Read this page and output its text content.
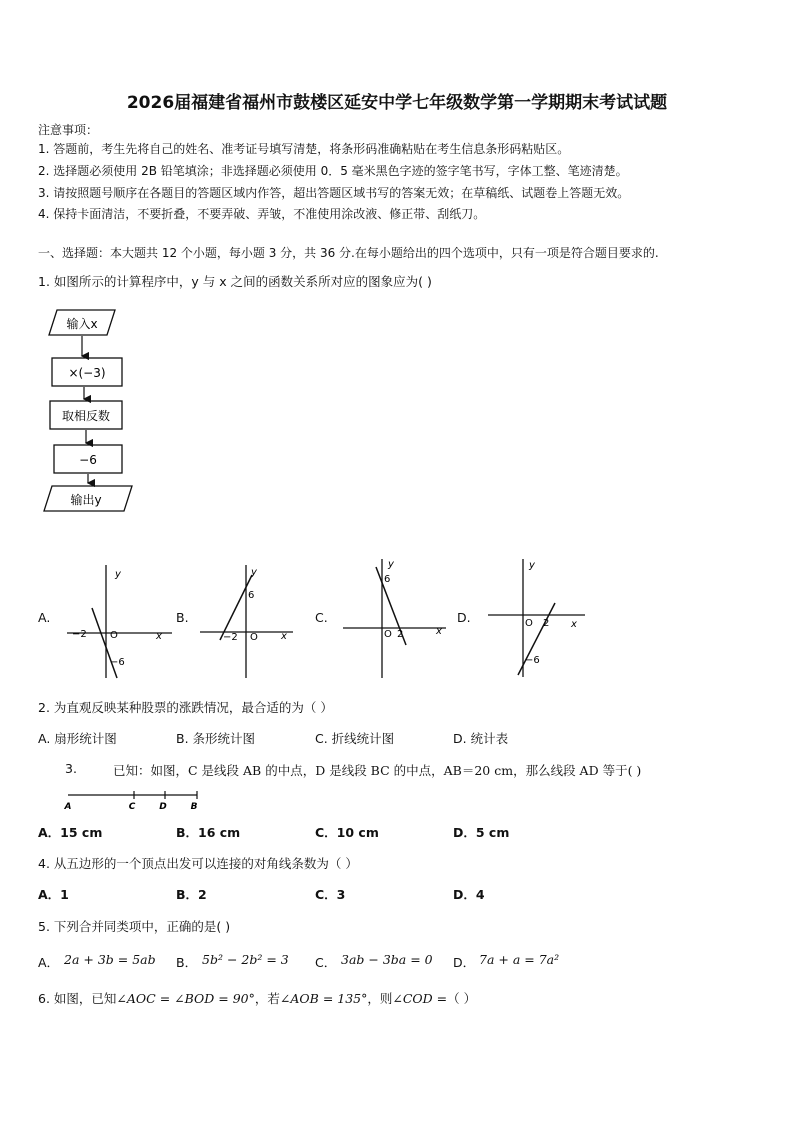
2026届福建省福州市鼓楼区延安中学七年级数学第一学期期末考试试题
注意事项：
1. 答题前，考生先将自己的姓名、准考证号填写清楚，将条形码准确粘贴在考生信息条形码粘贴区。
2. 选择题必须使用 2B 铅笔填涂；非选择题必须使用 0．5 毫米黑色字迹的签字笔书写，字体工整、笔迹清楚。
3. 请按照题号顺序在各题目的答题区域内作答，超出答题区域书写的答案无效；在草稿纸、试题卷上答题无效。
4. 保持卡面清洁，不要折叠，不要弄破、弄皱，不准使用涂改液、修正带、刮纸刀。
一、选择题：本大题共 12 个小题，每小题 3 分，共 36 分.在每小题给出的四个选项中，只有一项是符合题目要求的.
1. 如图所示的计算程序中，y 与 x 之间的函数关系所对应的图象应为( )
输入x
×(−3)
取相反数
−6
输出y
A.	B.	C.	D.
−2
−6
O	x
y
−2
6
O x
y
6
2
O	x
y
O 2
−6
x
y
2. 为直观反映某种股票的涨跌情况，最合适的为（ ）
A. 扇形统计图	B. 条形统计图	C. 折线统计图	D. 统计表
3.	已知：如图，C 是线段 AB 的中点，D 是线段 BC 的中点，AB＝20 cm，那么线段 AD 等于( )
A	C	D	B
A．15 cm	B．16 cm	C．10 cm	D．5 cm
4. 从五边形的一个顶点出发可以连接的对角线条数为（ ）
A．1	B．2	C．3	D．4
5. 下列合并同类项中，正确的是( )
A． 2a + 3b = 5ab B． 5b² − 2b² = 3 C． 3ab − 3ba = 0 D． 7a + a = 7a²
6. 如图，已知∠AOC = ∠BOD = 90°，若∠AOB = 135°，则∠COD =（ ）
